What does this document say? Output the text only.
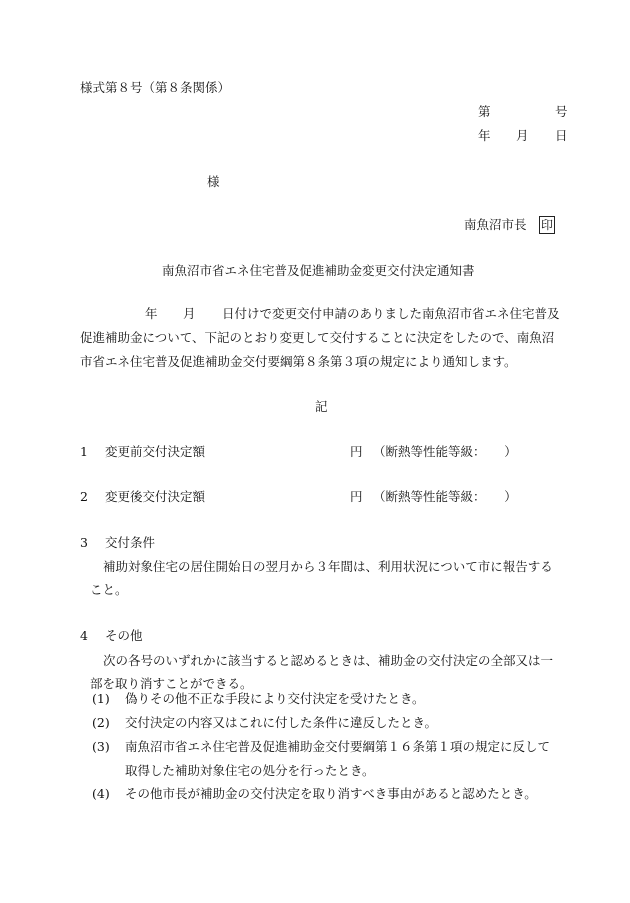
様式第８号（第８条関係）
第	号
年 月 日
様
南魚沼市長 印
南魚沼市省エネ住宅普及促進補助金変更交付決定通知書
年 月 日付けで変更交付申請のありました南魚沼市省エネ住宅普及
促進補助金について、下記のとおり変更して交付することに決定をしたので、南魚沼
市省エネ住宅普及促進補助金交付要綱第８条第３項の規定により通知します。
記
1 変更前交付決定額	円 （断熱等性能等級：　　）
2 変更後交付決定額	円 （断熱等性能等級：　　）
3 交付条件
補助対象住宅の居住開始日の翌月から３年間は、利用状況について市に報告する
こと。
4 その他
次の各号のいずれかに該当すると認めるときは、補助金の交付決定の全部又は一
部を取り消すことができる。
(1) 偽りその他不正な手段により交付決定を受けたとき。
(2) 交付決定の内容又はこれに付した条件に違反したとき。
(3) 南魚沼市省エネ住宅普及促進補助金交付要綱第１６条第１項の規定に反して
取得した補助対象住宅の処分を行ったとき。
(4) その他市長が補助金の交付決定を取り消すべき事由があると認めたとき。
